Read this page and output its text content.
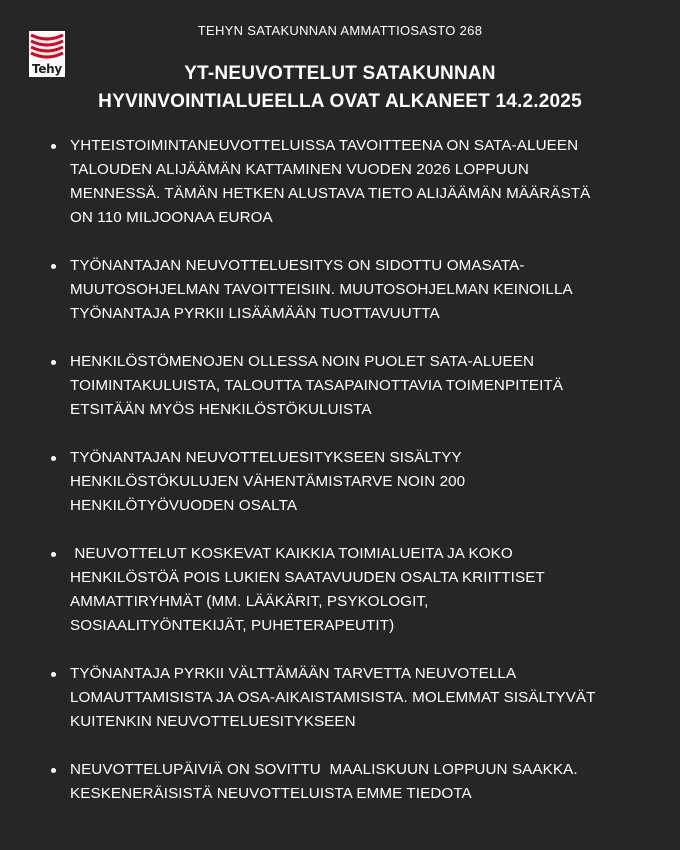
Tehy
TEHYN SATAKUNNAN AMMATTIOSASTO 268
YT-NEUVOTTELUT SATAKUNNAN
HYVINVOINTIALUEELLA OVAT ALKANEET 14.2.2025
YHTEISTOIMINTANEUVOTTELUISSA TAVOITTEENA ON SATA-ALUEEN
TALOUDEN ALIJÄÄMÄN KATTAMINEN VUODEN 2026 LOPPUUN
MENNESSÄ. TÄMÄN HETKEN ALUSTAVA TIETO ALIJÄÄMÄN MÄÄRÄSTÄ
ON 110 MILJOONAA EUROA
TYÖNANTAJAN NEUVOTTELUESITYS ON SIDOTTU OMASATA-
MUUTOSOHJELMAN TAVOITTEISIIN. MUUTOSOHJELMAN KEINOILLA
TYÖNANTAJA PYRKII LISÄÄMÄÄN TUOTTAVUUTTA
HENKILÖSTÖMENOJEN OLLESSA NOIN PUOLET SATA-ALUEEN
TOIMINTAKULUISTA, TALOUTTA TASAPAINOTTAVIA TOIMENPITEITÄ
ETSITÄÄN MYÖS HENKILÖSTÖKULUISTA
TYÖNANTAJAN NEUVOTTELUESITYKSEEN SISÄLTYY
HENKILÖSTÖKULUJEN VÄHENTÄMISTARVE NOIN 200
HENKILÖTYÖVUODEN OSALTA
NEUVOTTELUT KOSKEVAT KAIKKIA TOIMIALUEITA JA KOKO
HENKILÖSTÖÄ POIS LUKIEN SAATAVUUDEN OSALTA KRIITTISET
AMMATTIRYHMÄT (MM. LÄÄKÄRIT, PSYKOLOGIT,
SOSIAALITYÖNTEKIJÄT, PUHETERAPEUTIT)
TYÖNANTAJA PYRKII VÄLTTÄMÄÄN TARVETTA NEUVOTELLA
LOMAUTTAMISISTA JA OSA-AIKAISTAMISISTA. MOLEMMAT SISÄLTYVÄT
KUITENKIN NEUVOTTELUESITYKSEEN
NEUVOTTELUPÄIVIÄ ON SOVITTU  MAALISKUUN LOPPUUN SAAKKA.
KESKENERÄISISTÄ NEUVOTTELUISTA EMME TIEDOTA
